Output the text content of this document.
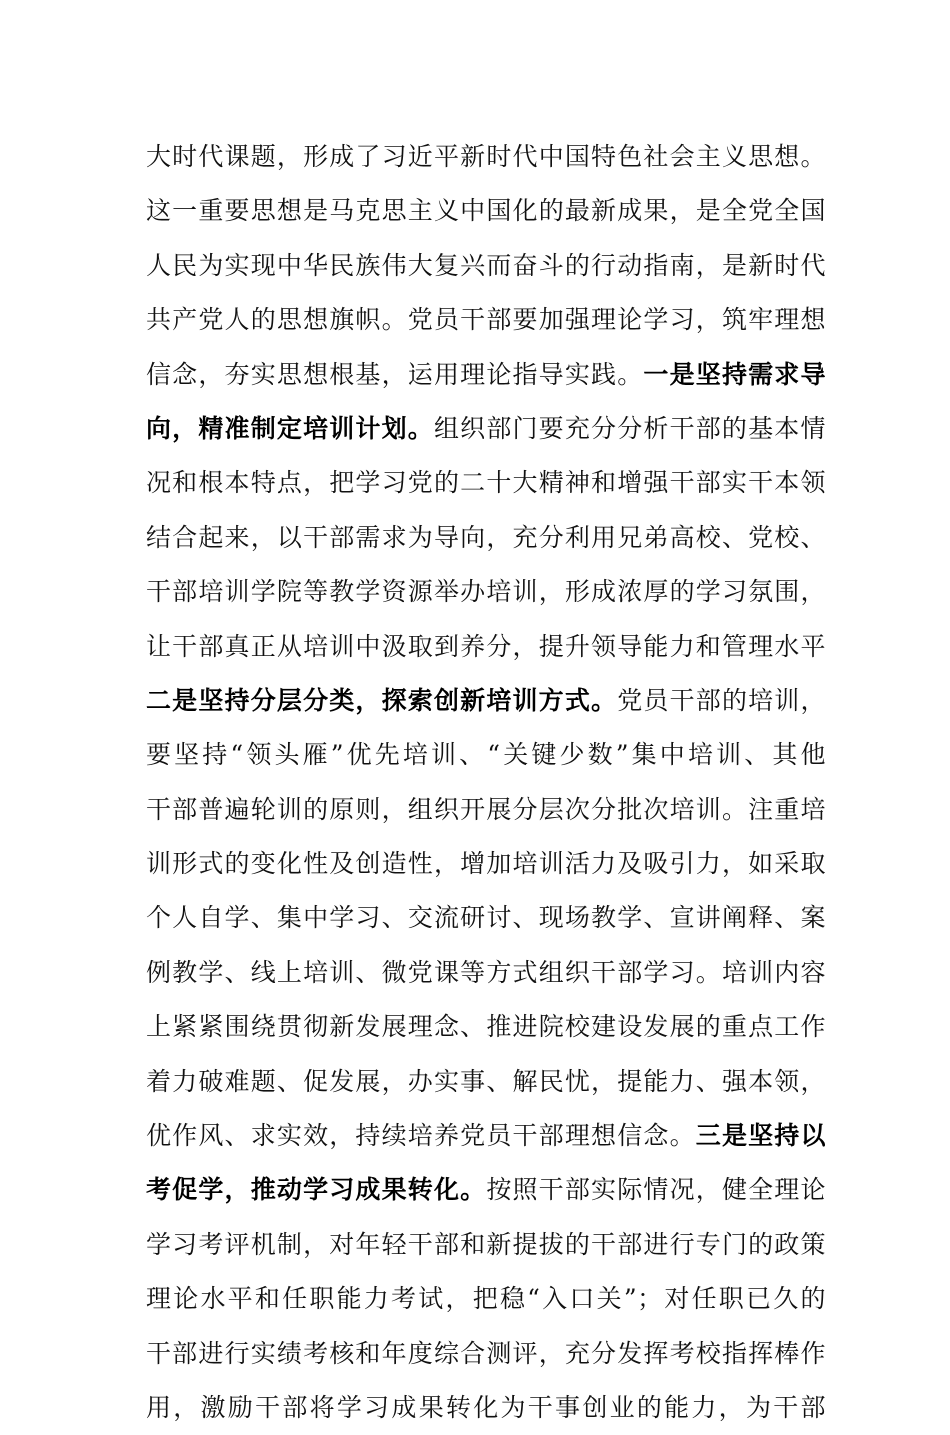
大时代课题，形成了习近平新时代中国特色社会主义思想。
这一重要思想是马克思主义中国化的最新成果，是全党全国
人民为实现中华民族伟大复兴而奋斗的行动指南，是新时代
共产党人的思想旗帜。党员干部要加强理论学习，筑牢理想
信念，夯实思想根基，运用理论指导实践。一是坚持需求导
向，精准制定培训计划。组织部门要充分分析干部的基本情
况和根本特点，把学习党的二十大精神和增强干部实干本领
结合起来，以干部需求为导向，充分利用兄弟高校、党校、
干部培训学院等教学资源举办培训，形成浓厚的学习氛围，
让干部真正从培训中汲取到养分，提升领导能力和管理水平
二是坚持分层分类，探索创新培训方式。党员干部的培训，
要坚持“领头雁”优先培训、“关键少数”集中培训、其他
干部普遍轮训的原则，组织开展分层次分批次培训。注重培
训形式的变化性及创造性，增加培训活力及吸引力，如采取
个人自学、集中学习、交流研讨、现场教学、宣讲阐释、案
例教学、线上培训、微党课等方式组织干部学习。培训内容
上紧紧围绕贯彻新发展理念、推进院校建设发展的重点工作
着力破难题、促发展，办实事、解民忧，提能力、强本领，
优作风、求实效，持续培养党员干部理想信念。三是坚持以
考促学，推动学习成果转化。按照干部实际情况，健全理论
学习考评机制，对年轻干部和新提拔的干部进行专门的政策
理论水平和任职能力考试，把稳“入口关”；对任职已久的
干部进行实绩考核和年度综合测评，充分发挥考校指挥棒作
用，激励干部将学习成果转化为干事创业的能力，为干部
